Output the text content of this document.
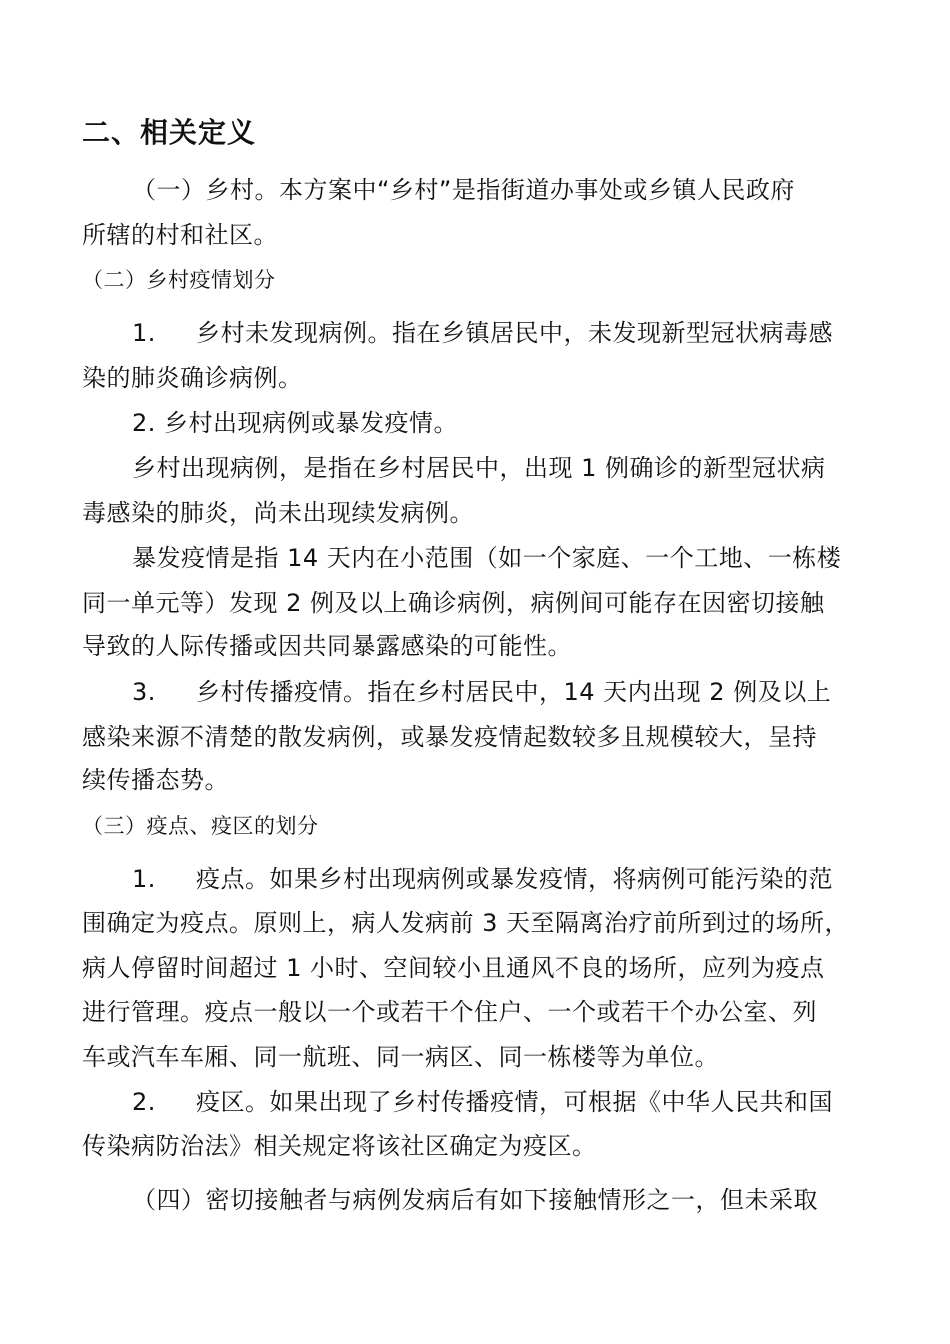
二、相关定义
（一）乡村。本方案中“乡村”是指街道办事处或乡镇人民政府
所辖的村和社区。
（二）乡村疫情划分
1. 乡村未发现病例。指在乡镇居民中，未发现新型冠状病毒感
染的肺炎确诊病例。
2. 乡村出现病例或暴发疫情。
乡村出现病例，是指在乡村居民中，出现 1 例确诊的新型冠状病
毒感染的肺炎，尚未出现续发病例。
暴发疫情是指 14 天内在小范围（如一个家庭、一个工地、一栋楼
同一单元等）发现 2 例及以上确诊病例，病例间可能存在因密切接触
导致的人际传播或因共同暴露感染的可能性。
3. 乡村传播疫情。指在乡村居民中，14 天内出现 2 例及以上
感染来源不清楚的散发病例，或暴发疫情起数较多且规模较大，呈持
续传播态势。
（三）疫点、疫区的划分
1. 疫点。如果乡村出现病例或暴发疫情，将病例可能污染的范
围确定为疫点。原则上，病人发病前 3 天至隔离治疗前所到过的场所，
病人停留时间超过 1 小时、空间较小且通风不良的场所，应列为疫点
进行管理。疫点一般以一个或若干个住户、一个或若干个办公室、列
车或汽车车厢、同一航班、同一病区、同一栋楼等为单位。
2. 疫区。如果出现了乡村传播疫情，可根据《中华人民共和国
传染病防治法》相关规定将该社区确定为疫区。
（四）密切接触者与病例发病后有如下接触情形之一，但未采取
